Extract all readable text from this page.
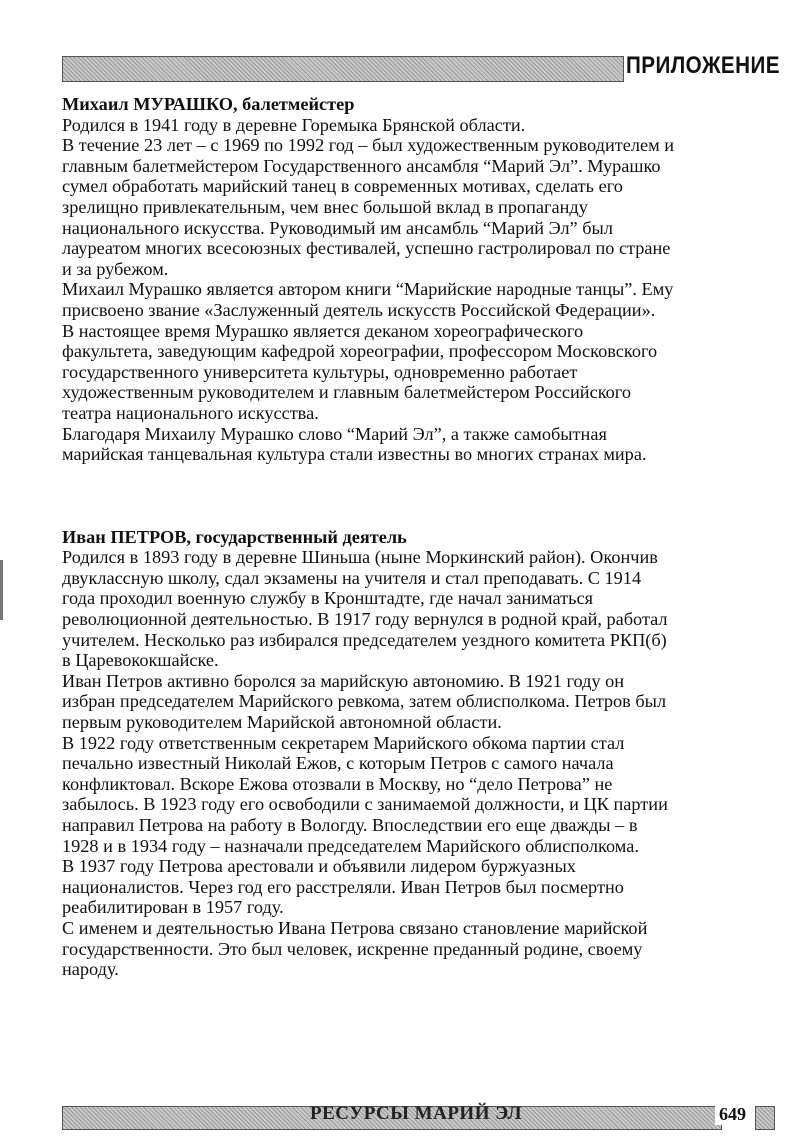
ПРИЛОЖЕНИЕ

Михаил МУРАШКО, балетмейстер

Родился в 1941 году в деревне Горемыка Брянской области.

В течение 23 лет – с 1969 по 1992 год – был художественным руководителем и
главным балетмейстером Государственного ансамбля “Марий Эл”. Мурашко
сумел обработать марийский танец в современных мотивах, сделать его
зрелищно привлекательным, чем внес большой вклад в пропаганду
национального искусства. Руководимый им ансамбль “Марий Эл” был
лауреатом многих всесоюзных фестивалей, успешно гастролировал по стране
и за рубежом.

Михаил Мурашко является автором книги “Марийские народные танцы”. Ему
присвоено звание «Заслуженный деятель искусств Российской Федерации».

В настоящее время Мурашко является деканом хореографического
факультета, заведующим кафедрой хореографии, профессором Московского
государственного университета культуры, одновременно работает
художественным руководителем и главным балетмейстером Российского
театра национального искусства.

Благодаря Михаилу Мурашко слово “Марий Эл”, а также самобытная
марийская танцевальная культура стали известны во многих странах мира.

Иван ПЕТРОВ, государственный деятель

Родился в 1893 году в деревне Шиньша (ныне Моркинский район). Окончив
двуклассную школу, сдал экзамены на учителя и стал преподавать. С 1914
года проходил военную службу в Кронштадте, где начал заниматься
революционной деятельностью. В 1917 году вернулся в родной край, работал
учителем. Несколько раз избирался председателем уездного комитета РКП(б)
в Царевококшайске.

Иван Петров активно боролся за марийскую автономию. В 1921 году он
избран председателем Марийского ревкома, затем облисполкома. Петров был
первым руководителем Марийской автономной области.

В 1922 году ответственным секретарем Марийского обкома партии стал
печально известный Николай Ежов, с которым Петров с самого начала
конфликтовал. Вскоре Ежова отозвали в Москву, но “дело Петрова” не
забылось. В 1923 году его освободили с занимаемой должности, и ЦК партии
направил Петрова на работу в Вологду. Впоследствии его еще дважды – в
1928 и в 1934 году – назначали председателем Марийского облисполкома.

В 1937 году Петрова арестовали и объявили лидером буржуазных
националистов. Через год его расстреляли. Иван Петров был посмертно
реабилитирован в 1957 году.

С именем и деятельностью Ивана Петрова связано становление марийской
государственности. Это был человек, искренне преданный родине, своему
народу.

РЕСУРСЫ МАРИЙ ЭЛ	649
